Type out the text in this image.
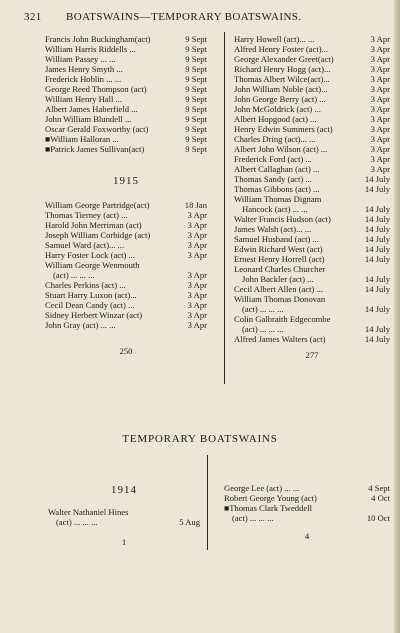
321 BOATSWAINS—TEMPORARY BOATSWAINS.
Francis John Buckingham(act)	9 Sept
William Harris Riddells ...	9 Sept
William Passey ... ...	9 Sept
James Henry Smyth ...	9 Sept
Frederick Hoblin ... ...	9 Sept
George Reed Thompson (act)	9 Sept
William Henry Hall ...	9 Sept
Albert James Haberfield ...	9 Sept
John William Blundell ...	9 Sept
Oscar Gerald Foxworthy (act)	9 Sept
■William Halloran ...	9 Sept
■Patrick James Sullivan(act)	9 Sept
1915
William George Partridge(act)	18 Jan
Thomas Tierney (act) ...	3 Apr
Harold John Merriman (act)	3 Apr
Joseph William Corbidge (act)	3 Apr
Samuel Ward (act)... ...	3 Apr
Harry Foster Lock (act) ...	3 Apr
William George Wenmouth
(act) ... ... ...	3 Apr
Charles Perkins (act) ...	3 Apr
Stuart Harry Luxon (act)...	3 Apr
Cecil Dean Candy (act) ...	3 Apr
Sidney Herbert Winzar (act)	3 Apr
John Gray (act) ... ...	3 Apr
250
Harry Howell (act)... ...	3 Apr
Alfred Henry Foster (act)...	3 Apr
George Alexander Greet(act)	3 Apr
Richard Henry Hogg (act)...	3 Apr
Thomas Albert Wilce(act)...	3 Apr
John William Noble (act)...	3 Apr
John George Berry (act) ...	3 Apr
John McGoldrick (act) ...	3 Apr
Albert Hopgood (act) ...	3 Apr
Henry Edwin Summers (act)	3 Apr
Charles Dring (act)... ...	3 Apr
Albert John Wilson (act) ...	3 Apr
Frederick Ford (act) ...	3 Apr
Albert Callaghan (act) ...	3 Apr
Thomas Sandy (act) ...	14 July
Thomas Gibbons (act) ...	14 July
William Thomas Dignam
Hancock (act) ... ...	14 July
Walter Francis Hudson (act)	14 July
James Walsh (act)... ...	14 July
Samuel Husband (act) ...	14 July
Edwin Richard West (act)	14 July
Ernest Henry Horrell (act)	14 July
Leonard Charles Churcher
John Backler (act) ...	14 July
Cecil Albert Allen (act) ...	14 July
William Thomas Donovan
(act) ... ... ...	14 July
Colin Galbraith Edgecombe
(act) ... ... ...	14 July
Alfred James Walters (act)	14 July
277
TEMPORARY BOATSWAINS
1914
Walter Nathaniel Hines
(act) ... ... ...	5 Aug
1
George Lee (act) ... ...	4 Sept
Robert George Young (act)	4 Oct
■Thomas Clark Tweddell
(act) ... ... ...	10 Oct
4
